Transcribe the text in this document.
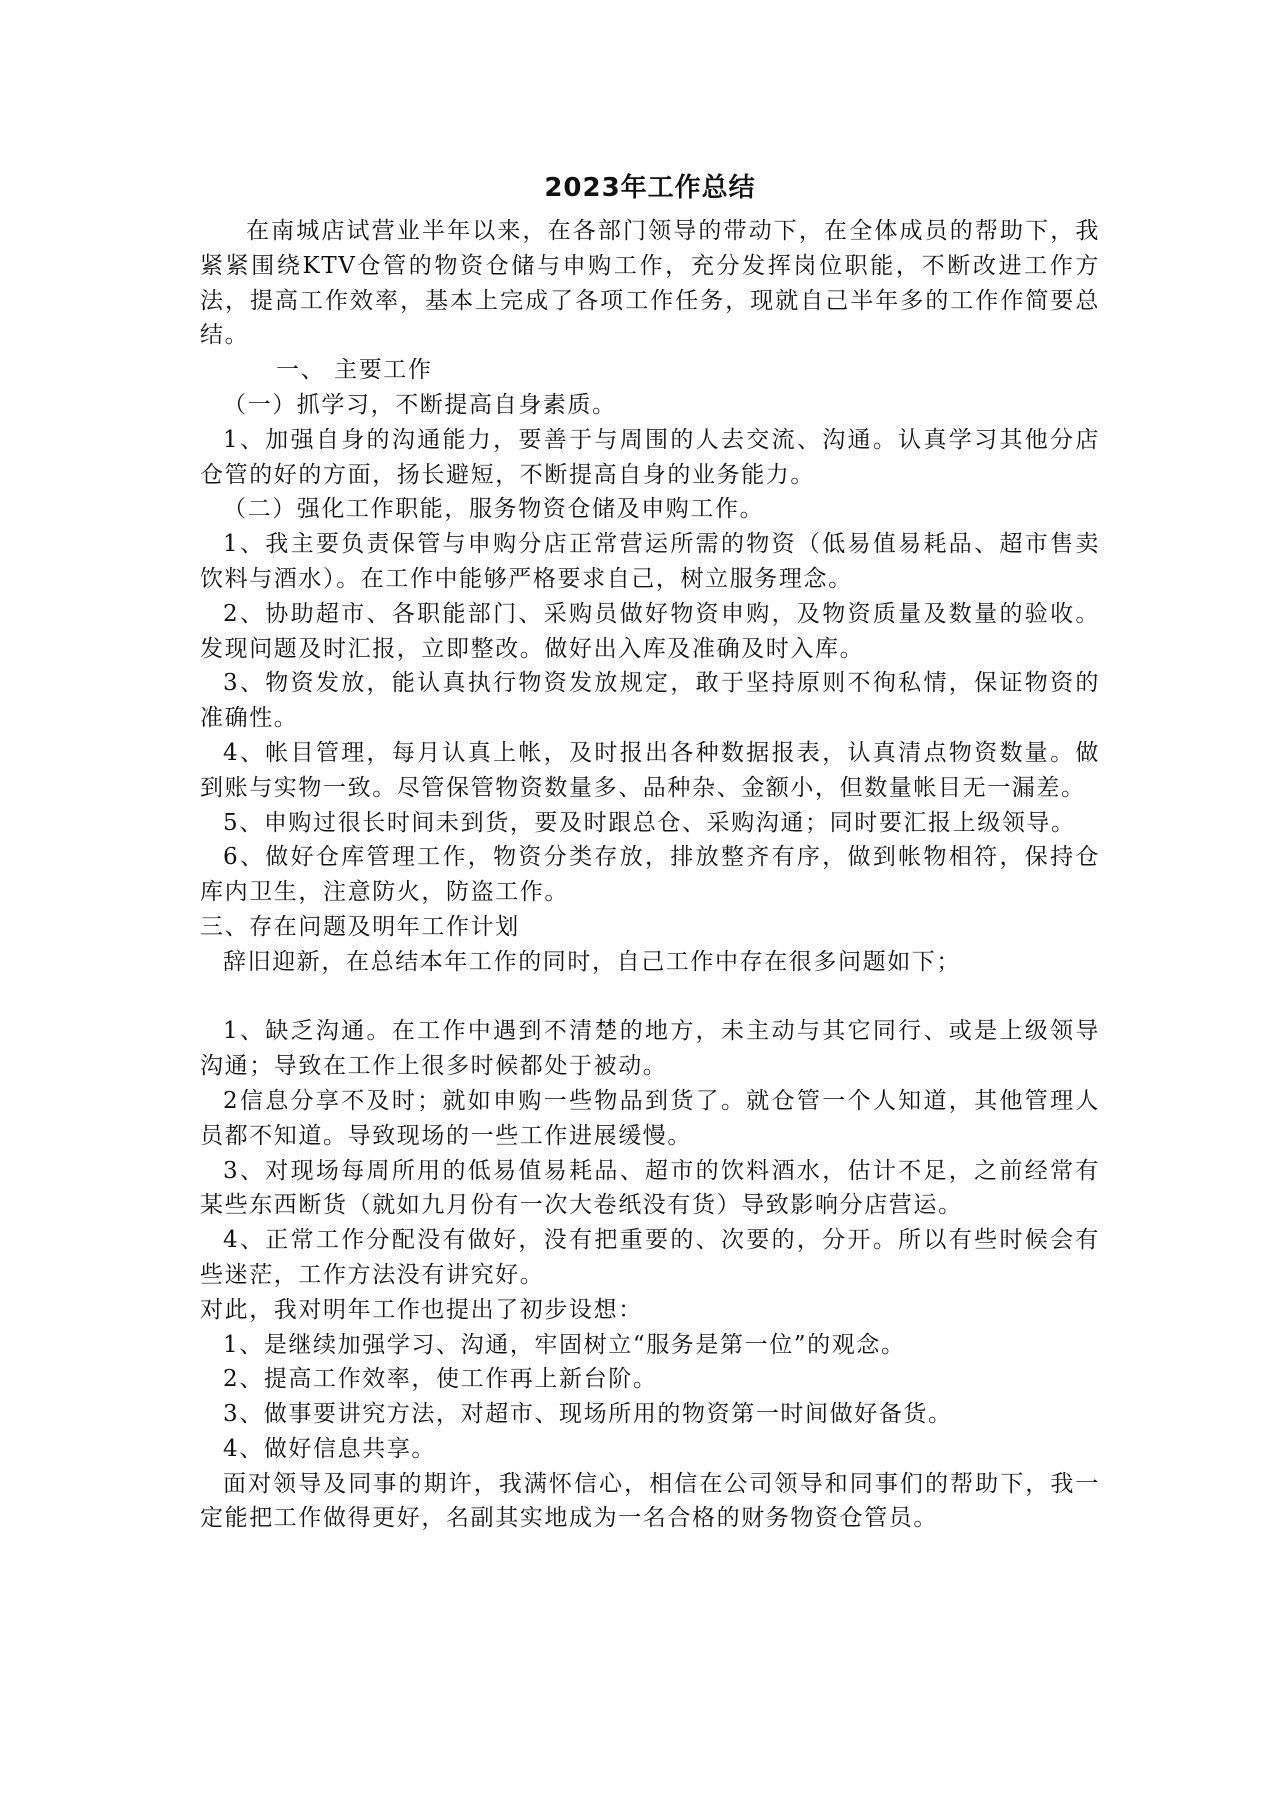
2023年工作总结

在南城店试营业半年以来，在各部门领导的带动下，在全体成员的帮助下，我紧紧围绕KTV仓管的物资仓储与申购工作，充分发挥岗位职能，不断改进工作方法，提高工作效率，基本上完成了各项工作任务，现就自己半年多的工作作简要总结。

一、 主要工作

（一）抓学习，不断提高自身素质。

1、加强自身的沟通能力，要善于与周围的人去交流、沟通。认真学习其他分店仓管的好的方面，扬长避短，不断提高自身的业务能力。

（二）强化工作职能，服务物资仓储及申购工作。

1、我主要负责保管与申购分店正常营运所需的物资（低易值易耗品、超市售卖饮料与酒水）。在工作中能够严格要求自己，树立服务理念。

2、协助超市、各职能部门、采购员做好物资申购，及物资质量及数量的验收。发现问题及时汇报，立即整改。做好出入库及准确及时入库。

3、物资发放，能认真执行物资发放规定，敢于坚持原则不徇私情，保证物资的准确性。

4、帐目管理，每月认真上帐，及时报出各种数据报表，认真清点物资数量。做到账与实物一致。尽管保管物资数量多、品种杂、金额小，但数量帐目无一漏差。

5、申购过很长时间未到货，要及时跟总仓、采购沟通；同时要汇报上级领导。

6、做好仓库管理工作，物资分类存放，排放整齐有序，做到帐物相符，保持仓库内卫生，注意防火，防盗工作。

三、存在问题及明年工作计划

辞旧迎新，在总结本年工作的同时，自己工作中存在很多问题如下；

1、缺乏沟通。在工作中遇到不清楚的地方，未主动与其它同行、或是上级领导沟通；导致在工作上很多时候都处于被动。

2信息分享不及时；就如申购一些物品到货了。就仓管一个人知道，其他管理人员都不知道。导致现场的一些工作进展缓慢。

3、对现场每周所用的低易值易耗品、超市的饮料酒水，估计不足，之前经常有某些东西断货（就如九月份有一次大卷纸没有货）导致影响分店营运。

4、正常工作分配没有做好，没有把重要的、次要的，分开。所以有些时候会有些迷茫，工作方法没有讲究好。

对此，我对明年工作也提出了初步设想：

1、是继续加强学习、沟通，牢固树立“服务是第一位”的观念。

2、提高工作效率，使工作再上新台阶。

3、做事要讲究方法，对超市、现场所用的物资第一时间做好备货。

4、做好信息共享。

面对领导及同事的期许，我满怀信心，相信在公司领导和同事们的帮助下，我一定能把工作做得更好，名副其实地成为一名合格的财务物资仓管员。
